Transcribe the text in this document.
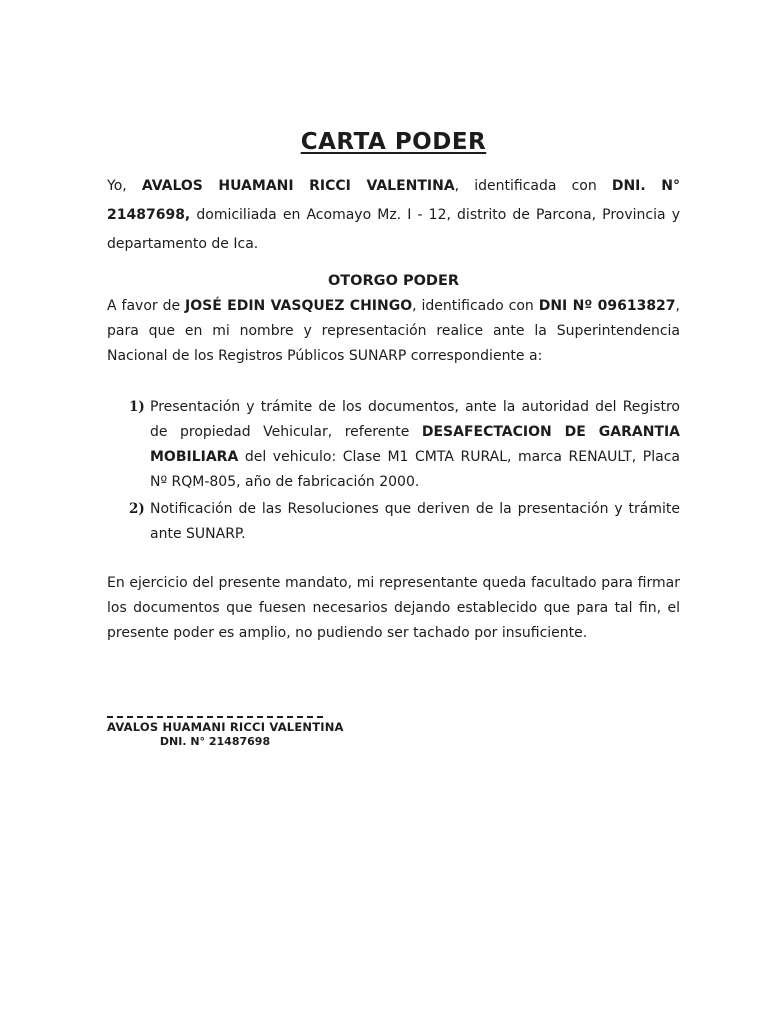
CARTA PODER

Yo, AVALOS HUAMANI RICCI VALENTINA, identificada con DNI. N° 21487698, domiciliada en Acomayo Mz. I - 12, distrito de Parcona, Provincia y departamento de Ica.

OTORGO PODER

A favor de JOSÉ EDIN VASQUEZ CHINGO, identificado con DNI Nº 09613827, para que en mi nombre y representación realice ante la Superintendencia Nacional de los Registros Públicos SUNARP correspondiente a:

1) Presentación y trámite de los documentos, ante la autoridad del Registro de propiedad Vehicular, referente DESAFECTACION DE GARANTIA MOBILIARA del vehiculo: Clase M1 CMTA RURAL, marca RENAULT, Placa Nº RQM-805, año de fabricación 2000.
2) Notificación de las Resoluciones que deriven de la presentación y trámite ante SUNARP.

En ejercicio del presente mandato, mi representante queda facultado para firmar los documentos que fuesen necesarios dejando establecido que para tal fin, el presente poder es amplio, no pudiendo ser tachado por insuficiente.

AVALOS HUAMANI RICCI VALENTINA
DNI. N° 21487698
